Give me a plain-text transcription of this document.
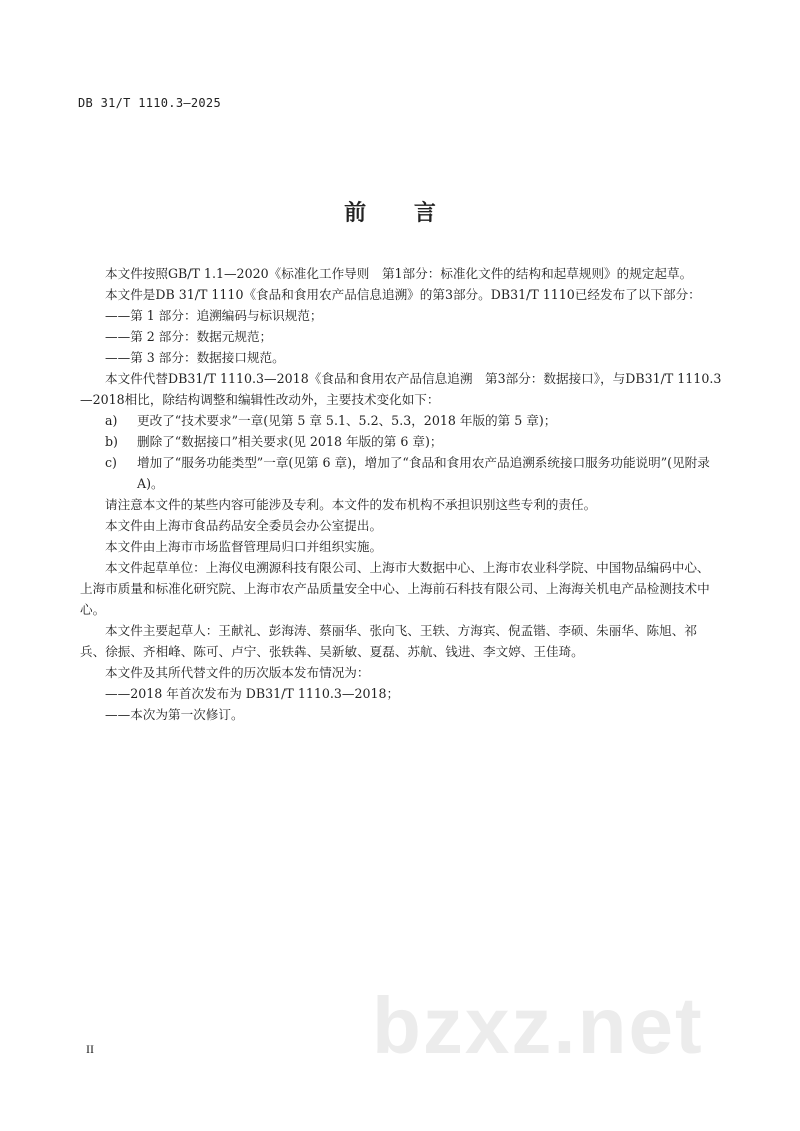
DB 31/T 1110.3—2025
前 言

本文件按照GB/T 1.1—2020《标准化工作导则　第1部分：标准化文件的结构和起草规则》的规定起草。

本文件是DB 31/T 1110《食品和食用农产品信息追溯》的第3部分。DB31/T 1110已经发布了以下部分：

——第 1 部分：追溯编码与标识规范；

——第 2 部分：数据元规范；

——第 3 部分：数据接口规范。

本文件代替DB31/T 1110.3—2018《食品和食用农产品信息追溯　第3部分：数据接口》，与DB31/T 1110.3—2018相比，除结构调整和编辑性改动外，主要技术变化如下：

a)	更改了“技术要求”一章(见第 5 章 5.1、5.2、5.3，2018 年版的第 5 章)；
b)	删除了“数据接口”相关要求(见 2018 年版的第 6 章)；
c)	增加了“服务功能类型”一章(见第 6 章)，增加了“食品和食用农产品追溯系统接口服务功能说明”(见附录 A)。

请注意本文件的某些内容可能涉及专利。本文件的发布机构不承担识别这些专利的责任。

本文件由上海市食品药品安全委员会办公室提出。

本文件由上海市市场监督管理局归口并组织实施。

本文件起草单位：上海仪电溯源科技有限公司、上海市大数据中心、上海市农业科学院、中国物品编码中心、上海市质量和标准化研究院、上海市农产品质量安全中心、上海前石科技有限公司、上海海关机电产品检测技术中心。

本文件主要起草人：王献礼、彭海涛、蔡丽华、张向飞、王轶、方海宾、倪孟锴、李硕、朱丽华、陈旭、祁兵、徐振、齐相峰、陈可、卢宁、张轶犇、吴新敏、夏磊、苏航、钱进、李文婷、王佳琦。

本文件及其所代替文件的历次版本发布情况为：

——2018 年首次发布为 DB31/T 1110.3—2018；

——本次为第一次修订。

bzxz.net
II
